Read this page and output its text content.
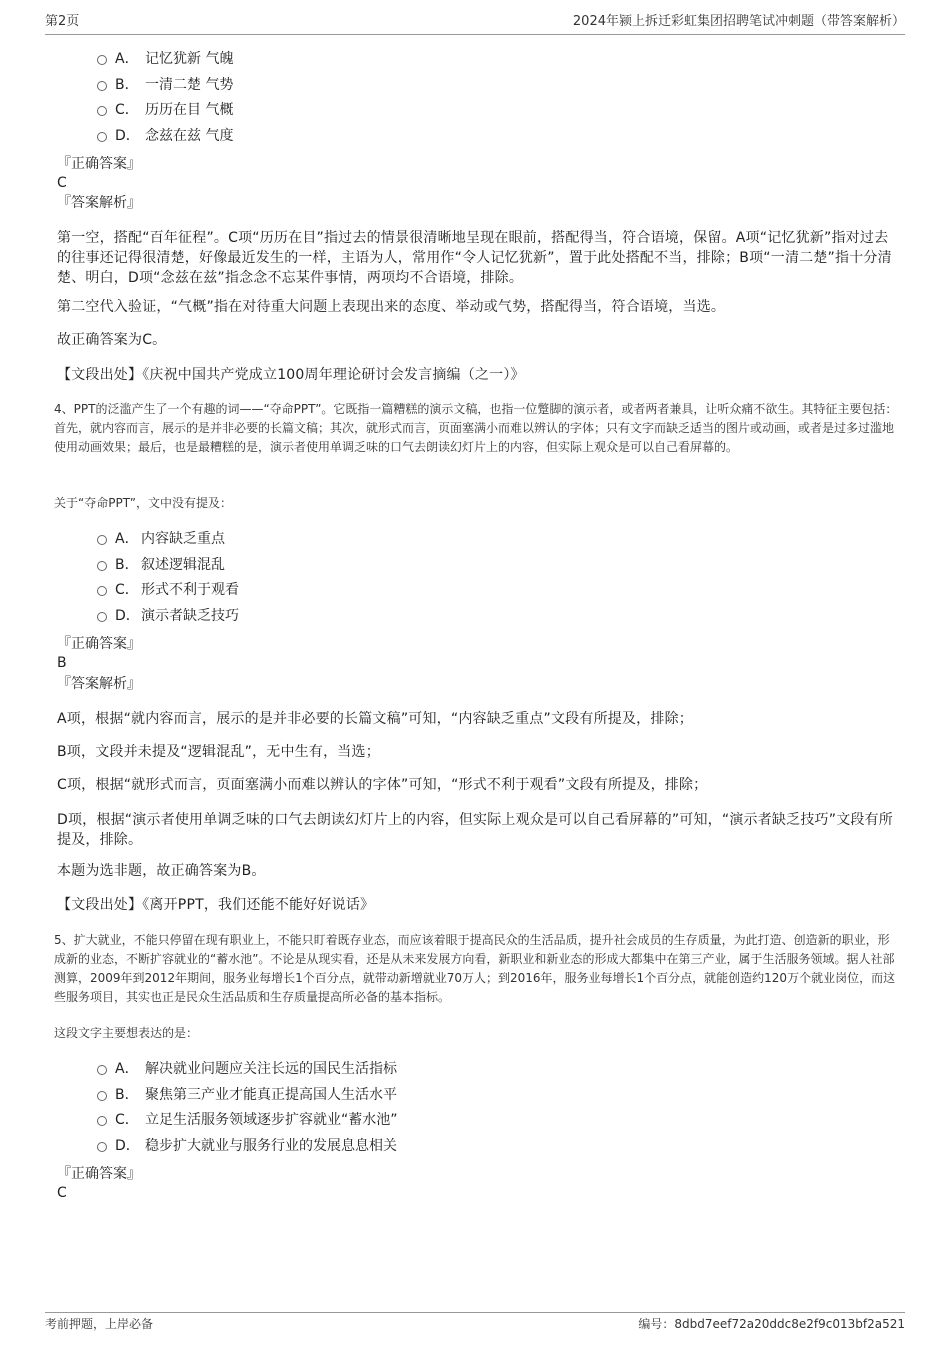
第2页	2024年颍上拆迁彩虹集团招聘笔试冲刺题（带答案解析）
A． 记忆犹新 气魄
B． 一清二楚 气势
C． 历历在目 气概
D． 念兹在兹 气度
『正确答案』
C
『答案解析』
第一空，搭配“百年征程”。C项“历历在目”指过去的情景很清晰地呈现在眼前，搭配得当，符合语境，保留。A项“记忆犹新”指对过去的往事还记得很清楚，好像最近发生的一样，主语为人，常用作“令人记忆犹新”，置于此处搭配不当，排除；B项“一清二楚”指十分清楚、明白，D项“念兹在兹”指念念不忘某件事情，两项均不合语境，排除。
第二空代入验证，“气概”指在对待重大问题上表现出来的态度、举动或气势，搭配得当，符合语境，当选。
故正确答案为C。
【文段出处】《庆祝中国共产党成立100周年理论研讨会发言摘编（之一）》
4、PPT的泛滥产生了一个有趣的词——“夺命PPT”。它既指一篇糟糕的演示文稿，也指一位蹩脚的演示者，或者两者兼具，让听众痛不欲生。其特征主要包括：首先，就内容而言，展示的是并非必要的长篇文稿；其次，就形式而言，页面塞满小而难以辨认的字体；只有文字而缺乏适当的图片或动画，或者是过多过滥地使用动画效果；最后，也是最糟糕的是，演示者使用单调乏味的口气去朗读幻灯片上的内容，但实际上观众是可以自己看屏幕的。
关于“夺命PPT”，文中没有提及：
A． 内容缺乏重点
B． 叙述逻辑混乱
C． 形式不利于观看
D．演示者缺乏技巧
『正确答案』
B
『答案解析』
A项，根据“就内容而言，展示的是并非必要的长篇文稿”可知，“内容缺乏重点”文段有所提及，排除；
B项，文段并未提及“逻辑混乱”，无中生有，当选；
C项，根据“就形式而言，页面塞满小而难以辨认的字体”可知，“形式不利于观看”文段有所提及，排除；
D项，根据“演示者使用单调乏味的口气去朗读幻灯片上的内容，但实际上观众是可以自己看屏幕的”可知，“演示者缺乏技巧”文段有所提及，排除。
本题为选非题，故正确答案为B。
【文段出处】《离开PPT，我们还能不能好好说话》
5、扩大就业，不能只停留在现有职业上，不能只盯着既存业态，而应该着眼于提高民众的生活品质，提升社会成员的生存质量，为此打造、创造新的职业，形成新的业态，不断扩容就业的“蓄水池”。不论是从现实看，还是从未来发展方向看，新职业和新业态的形成大都集中在第三产业，属于生活服务领域。据人社部测算，2009年到2012年期间，服务业每增长1个百分点，就带动新增就业70万人；到2016年，服务业每增长1个百分点，就能创造约120万个就业岗位，而这些服务项目，其实也正是民众生活品质和生存质量提高所必备的基本指标。
这段文字主要想表达的是：
A． 解决就业问题应关注长远的国民生活指标
B． 聚焦第三产业才能真正提高国人生活水平
C． 立足生活服务领域逐步扩容就业“蓄水池”
D． 稳步扩大就业与服务行业的发展息息相关
『正确答案』
C
考前押题，上岸必备	编号：8dbd7eef72a20ddc8e2f9c013bf2a521
